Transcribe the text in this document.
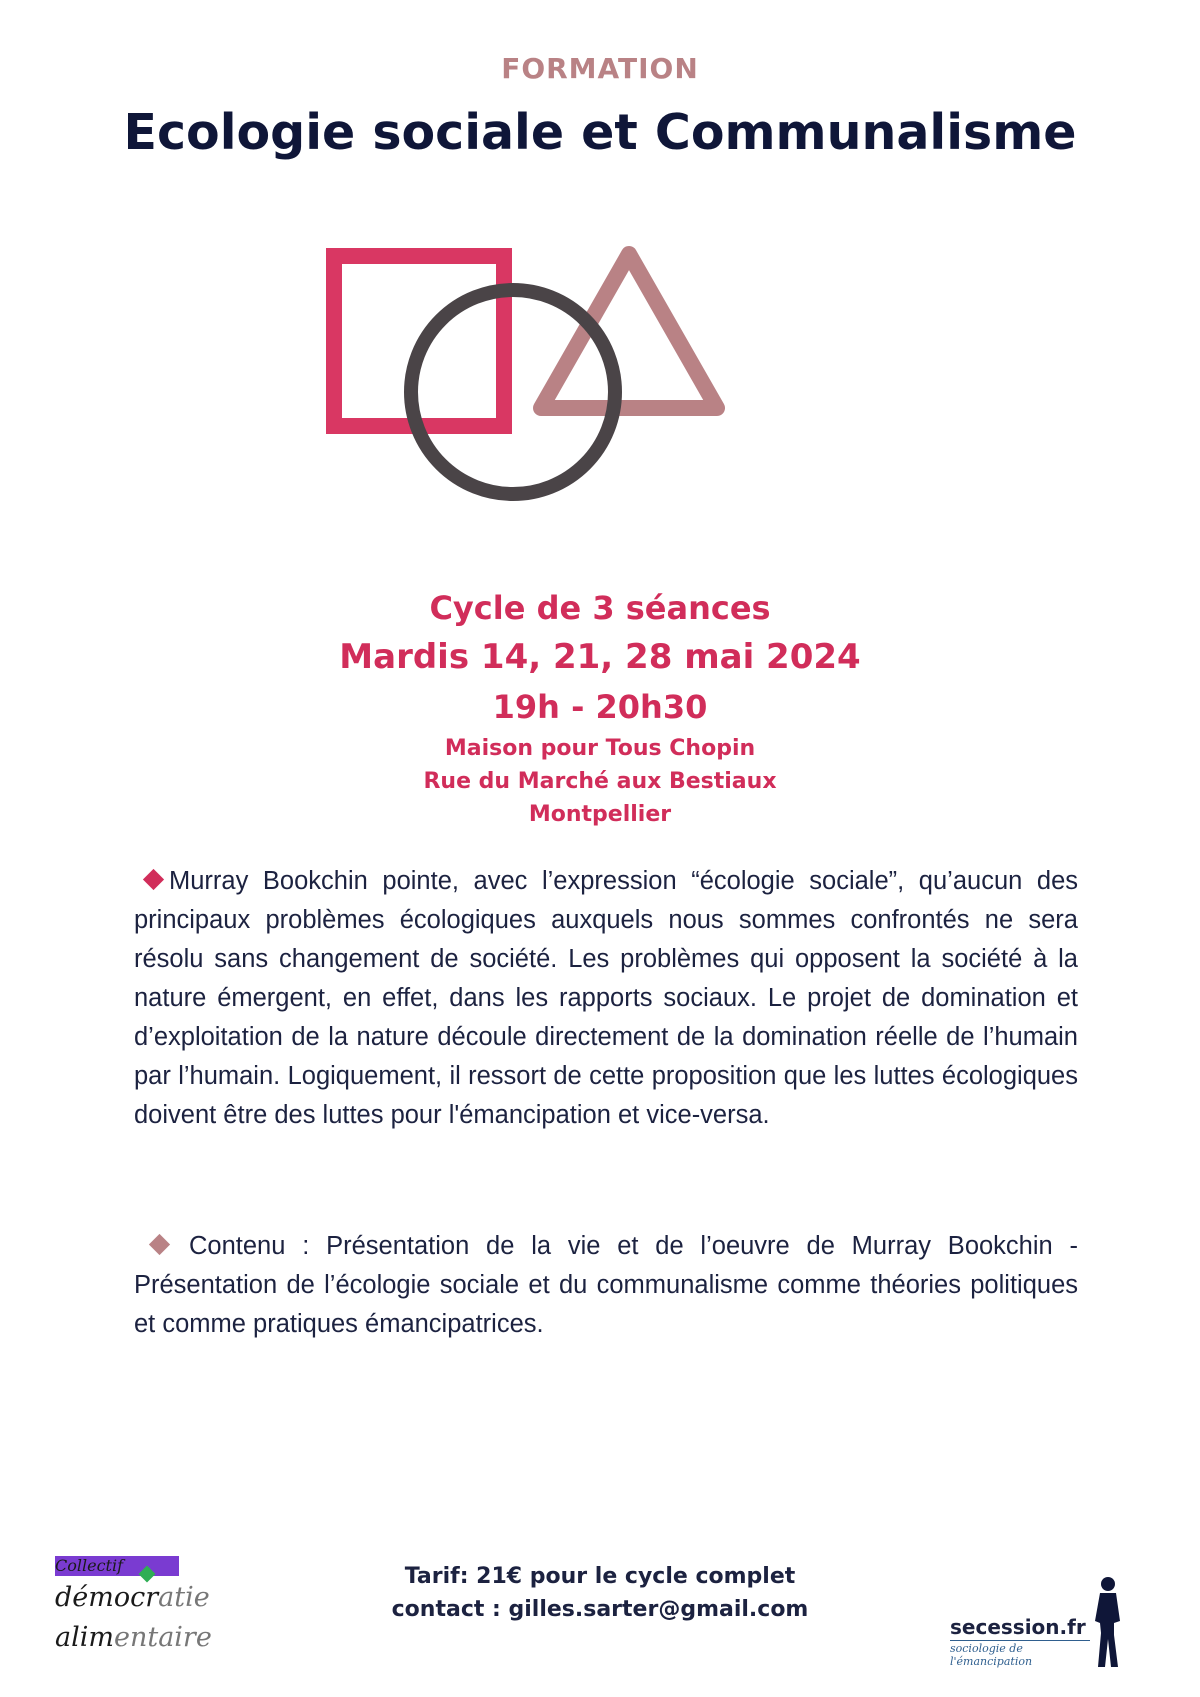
FORMATION
Ecologie sociale et Communalisme
Cycle de 3 séances
Mardis 14, 21, 28 mai 2024
19h - 20h30
Maison pour Tous Chopin
Rue du Marché aux Bestiaux
Montpellier
Murray Bookchin pointe, avec l’expression “écologie sociale”, qu’aucun des principaux problèmes écologiques auxquels nous sommes confrontés ne sera résolu sans changement de société. Les problèmes qui opposent la société à la nature émergent, en effet, dans les rapports sociaux. Le projet de domination et d’exploitation de la nature découle directement de la domination réelle de l’humain par l’humain. Logiquement, il ressort de cette proposition que les luttes écologiques doivent être des luttes pour l'émancipation et vice-versa.
Contenu : Présentation de la vie et de l’oeuvre de Murray Bookchin - Présentation de l’écologie sociale et du communalisme comme théories politiques et comme pratiques émancipatrices.
Collectif
démocratie
alimentaire
Tarif: 21€ pour le cycle complet
contact : gilles.sarter@gmail.com
secession.fr
sociologie de l'émancipation
